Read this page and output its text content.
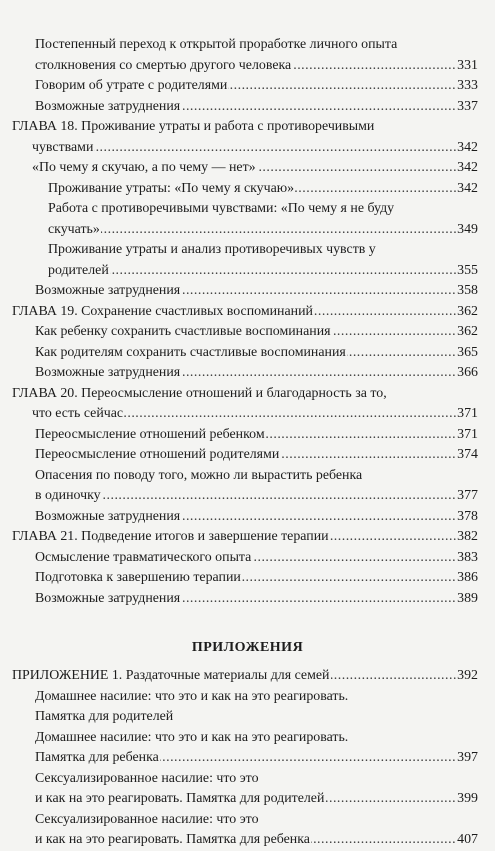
Постепенный переход к открытой проработке личного опыта
.....
столкновения со смертью другого человека	331
.....
Говорим об утрате с родителями	333
.....
Возможные затруднения	337
ГЛАВА 18. Проживание утраты и работа с противоречивыми
.....
чувствами	342
.....
«По чему я скучаю, а по чему — нет»	342
.....
Проживание утраты: «По чему я скучаю»	342
Работа с противоречивыми чувствами: «По чему я не буду
.....
скучать»	349
Проживание утраты и анализ противоречивых чувств у
.....
родителей	355
.....
Возможные затруднения	358
.....
ГЛАВА 19. Сохранение счастливых воспоминаний	362
.....
Как ребенку сохранить счастливые воспоминания	362
.....
Как родителям сохранить счастливые воспоминания	365
.....
Возможные затруднения	366
ГЛАВА 20. Переосмысление отношений и благодарность за то,
.....
что есть сейчас	371
.....
Переосмысление отношений ребенком	371
.....
Переосмысление отношений родителями	374
Опасения по поводу того, можно ли вырастить ребенка
.....
в одиночку	377
.....
Возможные затруднения	378
.....
ГЛАВА 21. Подведение итогов и завершение терапии	382
.....
Осмысление травматического опыта	383
.....
Подготовка к завершению терапии	386
.....
Возможные затруднения	389
ПРИЛОЖЕНИЯ
.....
ПРИЛОЖЕНИЕ 1. Раздаточные материалы для семей	392
Домашнее насилие: что это и как на это реагировать.
Памятка для родителей
Домашнее насилие: что это и как на это реагировать.
.....
Памятка для ребенка	397
Сексуализированное насилие: что это
.....
и как на это реагировать. Памятка для родителей	399
Сексуализированное насилие: что это
.....
и как на это реагировать. Памятка для ребенка	407
